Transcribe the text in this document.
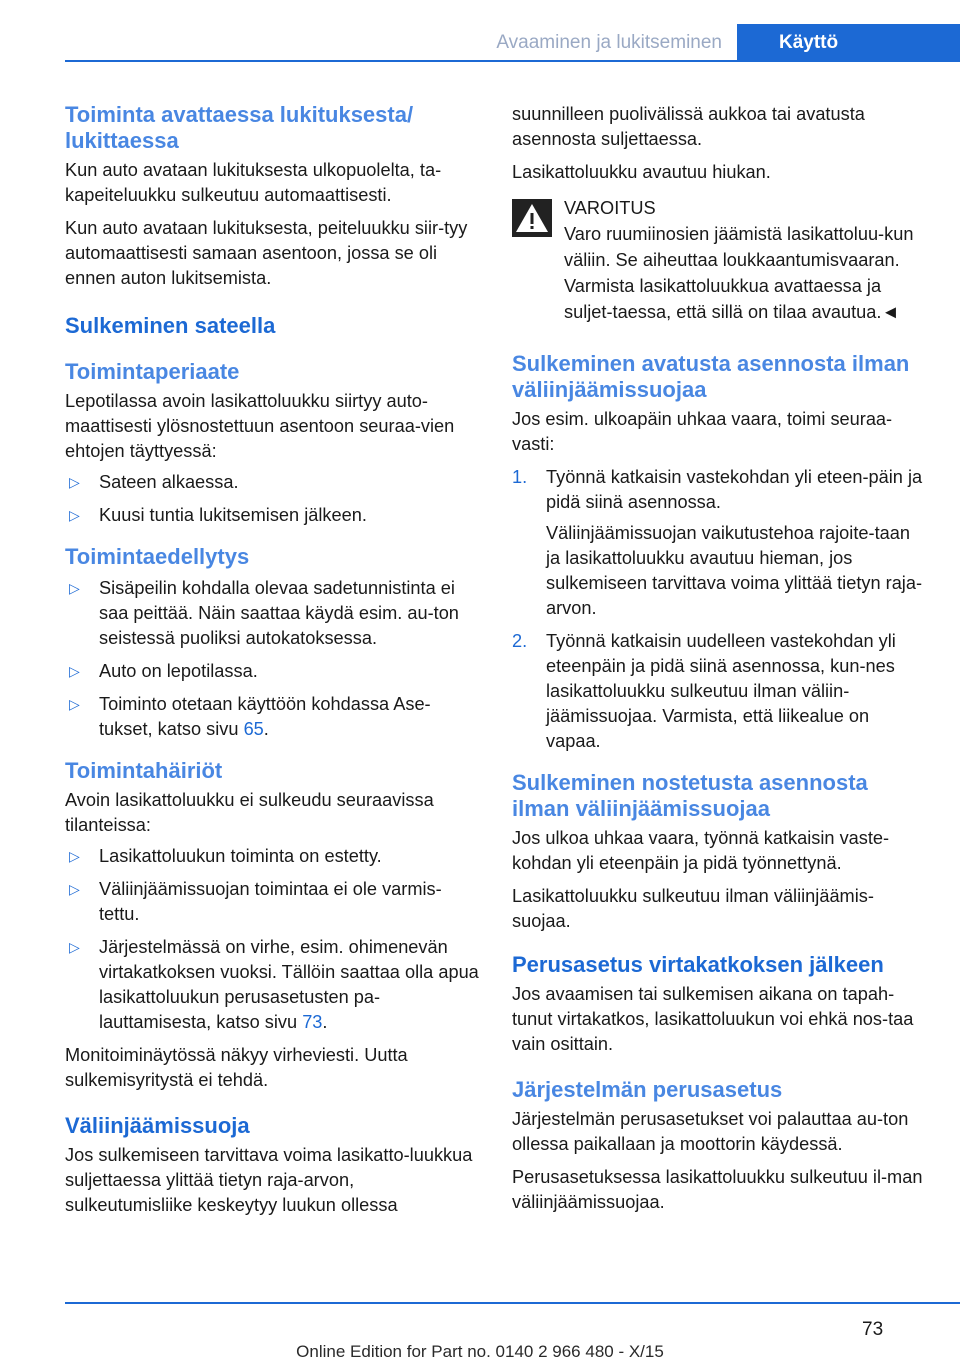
Avaaminen ja lukitseminen	Käyttö
Toiminta avattaessa lukituksesta/ lukittaessa

Kun auto avataan lukituksesta ulkopuolelta, ta-kapeiteluukku sulkeutuu automaattisesti.

Kun auto avataan lukituksesta, peiteluukku siir-tyy automaattisesti samaan asentoon, jossa se oli ennen auton lukitsemista.

Sulkeminen sateella
Toimintaperiaate

Lepotilassa avoin lasikattoluukku siirtyy auto-maattisesti ylösnostettuun asentoon seuraa-vien ehtojen täyttyessä:

▷ Sateen alkaessa.
▷ Kuusi tuntia lukitsemisen jälkeen.
Toimintaedellytys
▷ Sisäpeilin kohdalla olevaa sadetunnistinta ei saa peittää. Näin saattaa käydä esim. au-ton seistessä puoliksi autokatoksessa.
▷ Auto on lepotilassa.
▷ Toiminto otetaan käyttöön kohdassa Ase-tukset, katso sivu 65.
Toimintahäiriöt

Avoin lasikattoluukku ei sulkeudu seuraavissa tilanteissa:

▷ Lasikattoluukun toiminta on estetty.
▷ Väliinjäämissuojan toimintaa ei ole varmis-tettu.
▷ Järjestelmässä on virhe, esim. ohimenevän virtakatkoksen vuoksi. Tällöin saattaa olla apua lasikattoluukun perusasetusten pa-lauttamisesta, katso sivu 73.

Monitoiminäytössä näkyy virheviesti. Uutta sulkemisyritystä ei tehdä.

Väliinjäämissuoja

Jos sulkemiseen tarvittava voima lasikatto-luukkua suljettaessa ylittää tietyn raja-arvon, sulkeutumisliike keskeytyy luukun ollessa

suunnilleen puolivälissä aukkoa tai avatusta asennosta suljettaessa.

Lasikattoluukku avautuu hiukan.

VAROITUS
Varo ruumiinosien jäämistä lasikattoluu-kun väliin. Se aiheuttaa loukkaantumisvaaran. Varmista lasikattoluukkua avattaessa ja suljet-taessa, että sillä on tilaa avautua.◄
Sulkeminen avatusta asennosta ilman väliinjäämissuojaa

Jos esim. ulkoapäin uhkaa vaara, toimi seuraa-vasti:

1. Työnnä katkaisin vastekohdan yli eteen-päin ja pidä siinä asennossa.
Väliinjäämissuojan vaikutustehoa rajoite-taan ja lasikattoluukku avautuu hieman, jos sulkemiseen tarvittava voima ylittää tietyn raja-arvon.
2. Työnnä katkaisin uudelleen vastekohdan yli eteenpäin ja pidä siinä asennossa, kun-nes lasikattoluukku sulkeutuu ilman väliin-jäämissuojaa. Varmista, että liikealue on vapaa.
Sulkeminen nostetusta asennosta ilman väliinjäämissuojaa

Jos ulkoa uhkaa vaara, työnnä katkaisin vaste-kohdan yli eteenpäin ja pidä työnnettynä.

Lasikattoluukku sulkeutuu ilman väliinjäämis-suojaa.

Perusasetus virtakatkoksen jälkeen

Jos avaamisen tai sulkemisen aikana on tapah-tunut virtakatkos, lasikattoluukun voi ehkä nos-taa vain osittain.

Järjestelmän perusasetus

Järjestelmän perusasetukset voi palauttaa au-ton ollessa paikallaan ja moottorin käydessä.

Perusasetuksessa lasikattoluukku sulkeutuu il-man väliinjäämissuojaa.

73
Online Edition for Part no. 0140 2 966 480 - X/15
